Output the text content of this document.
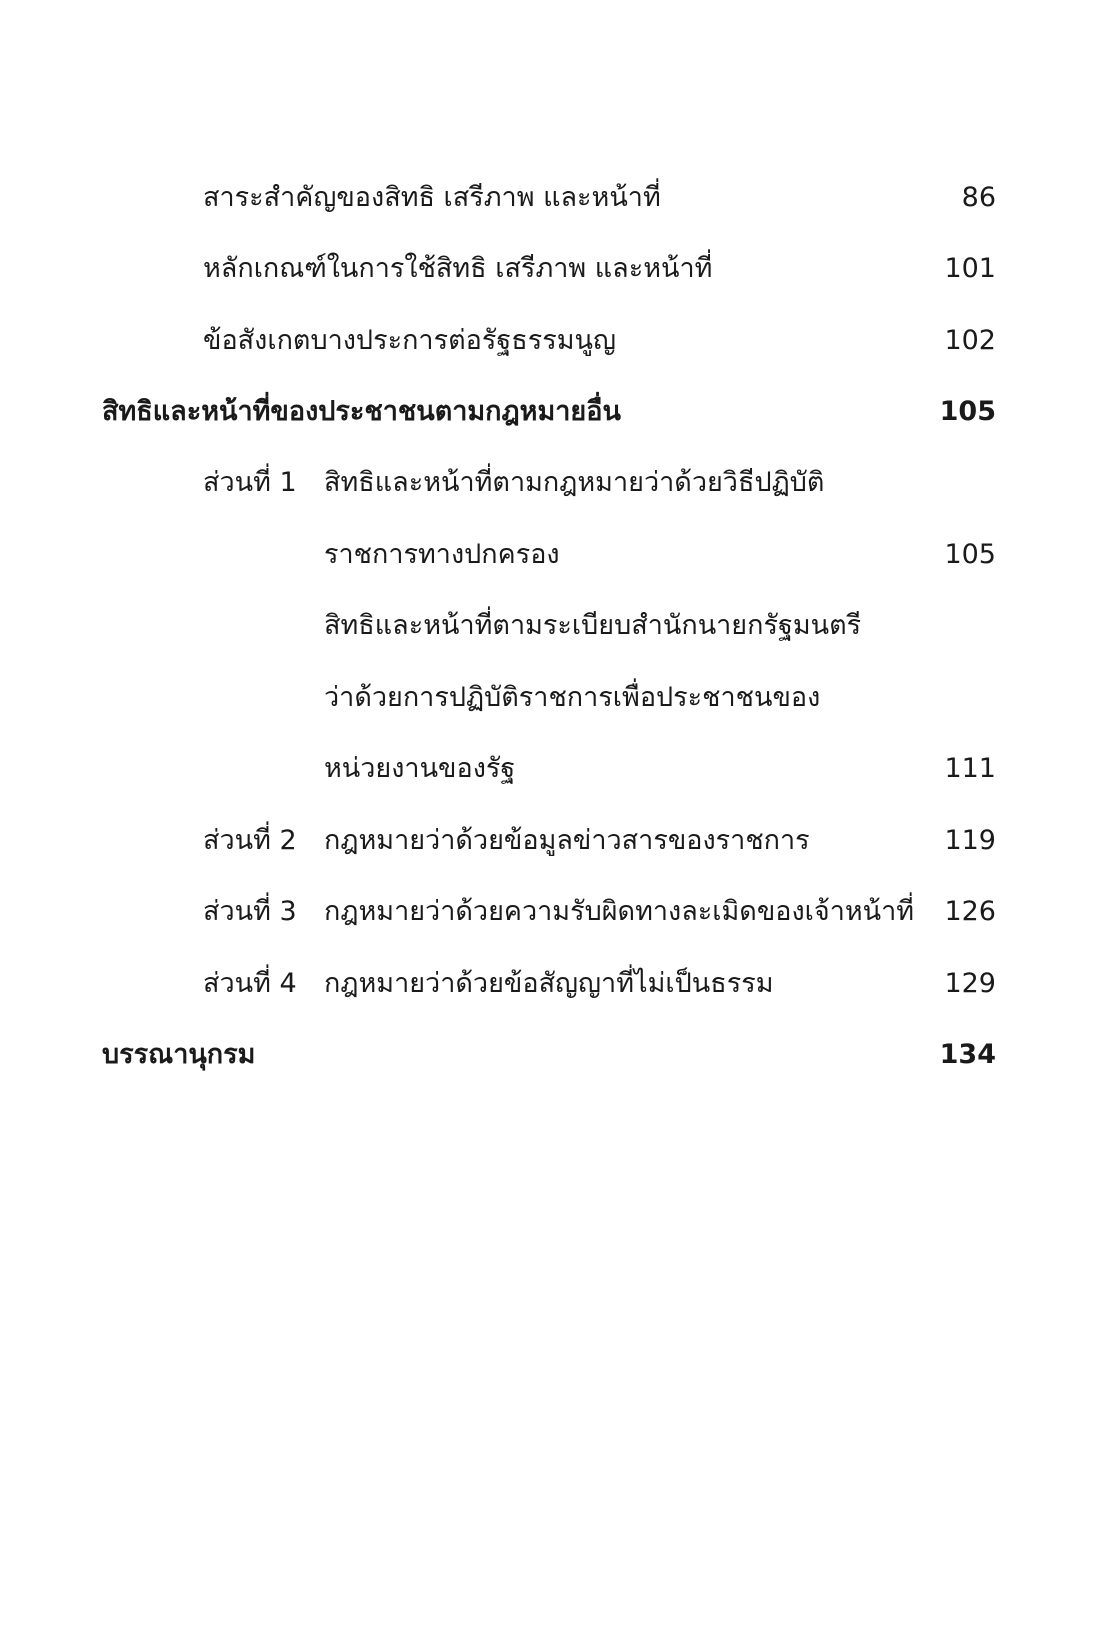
สาระสำคัญของสิทธิ เสรีภาพ และหน้าที่	86
หลักเกณฑ์ในการใช้สิทธิ เสรีภาพ และหน้าที่	101
ข้อสังเกตบางประการต่อรัฐธรรมนูญ	102
สิทธิและหน้าที่ของประชาชนตามกฎหมายอื่น	105
ส่วนที่ 1 สิทธิและหน้าที่ตามกฎหมายว่าด้วยวิธีปฏิบัติ
ราชการทางปกครอง	105
สิทธิและหน้าที่ตามระเบียบสำนักนายกรัฐมนตรี
ว่าด้วยการปฏิบัติราชการเพื่อประชาชนของ
หน่วยงานของรัฐ	111
ส่วนที่ 2 กฎหมายว่าด้วยข้อมูลข่าวสารของราชการ	119
ส่วนที่ 3 กฎหมายว่าด้วยความรับผิดทางละเมิดของเจ้าหน้าที่ 126
ส่วนที่ 4 กฎหมายว่าด้วยข้อสัญญาที่ไม่เป็นธรรม	129
บรรณานุกรม	134
